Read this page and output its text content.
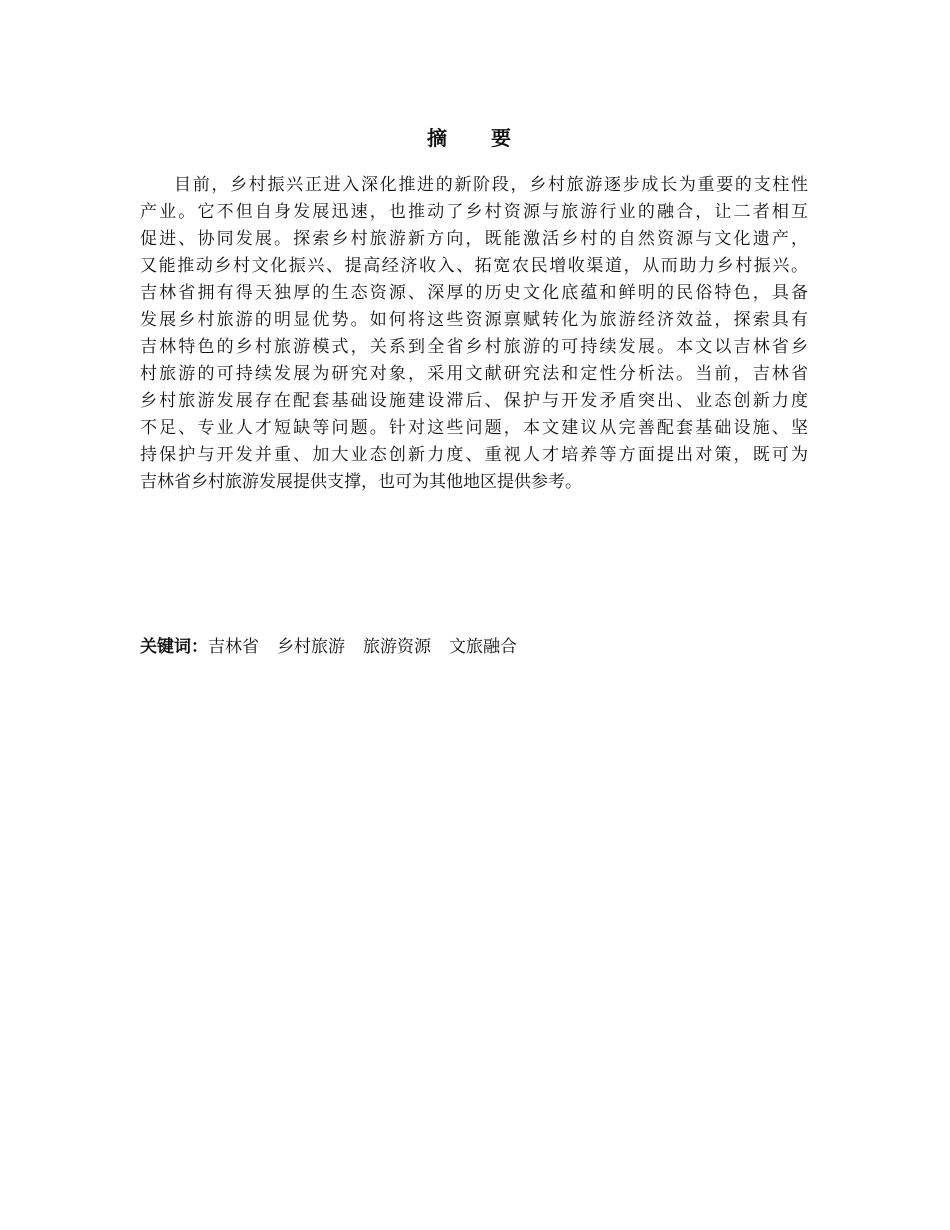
摘　要
目前，乡村振兴正进入深化推进的新阶段，乡村旅游逐步成长为重要的支柱性
产业。它不但自身发展迅速，也推动了乡村资源与旅游行业的融合，让二者相互
促进、协同发展。探索乡村旅游新方向，既能激活乡村的自然资源与文化遗产，
又能推动乡村文化振兴、提高经济收入、拓宽农民增收渠道，从而助力乡村振兴。
吉林省拥有得天独厚的生态资源、深厚的历史文化底蕴和鲜明的民俗特色，具备
发展乡村旅游的明显优势。如何将这些资源禀赋转化为旅游经济效益，探索具有
吉林特色的乡村旅游模式，关系到全省乡村旅游的可持续发展。本文以吉林省乡
村旅游的可持续发展为研究对象，采用文献研究法和定性分析法。当前，吉林省
乡村旅游发展存在配套基础设施建设滞后、保护与开发矛盾突出、业态创新力度
不足、专业人才短缺等问题。针对这些问题，本文建议从完善配套基础设施、坚
持保护与开发并重、加大业态创新力度、重视人才培养等方面提出对策，既可为
吉林省乡村旅游发展提供支撑，也可为其他地区提供参考。
关键词：吉林省 乡村旅游 旅游资源 文旅融合
